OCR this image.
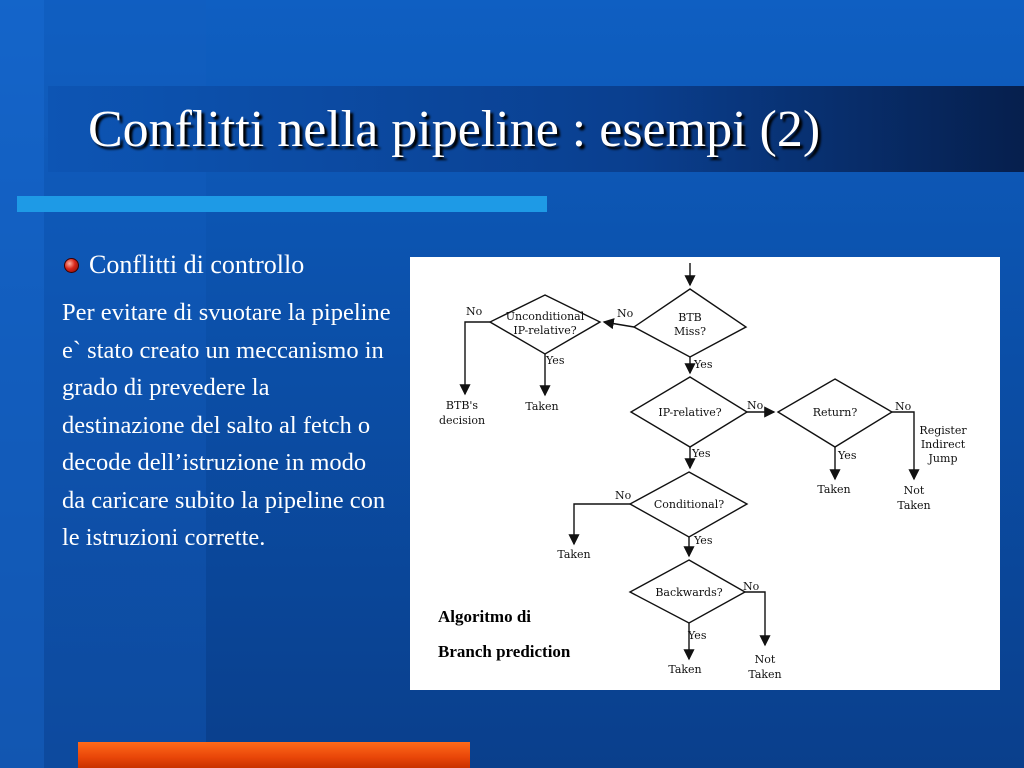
Conflitti nella pipeline : esempi (2)
Conflitti di controllo

Per evitare di svuotare la pipeline e` stato creato un meccanismo in grado di prevedere la destinazione del salto al fetch o decode dell’istruzione in modo da caricare subito la pipeline con le istruzioni corrette.

BTB
Miss?
Unconditional
IP-relative?
IP-relative?	Return?
Conditional?
Backwards?
No
Yes
No
Yes
No
Yes
No
Yes
No
Yes
No
Yes
BTB's
decision
Taken
Taken
Register
Indirect
Jump
Not
Taken
Taken
Taken
Not
Taken
Algoritmo di
Branch prediction
